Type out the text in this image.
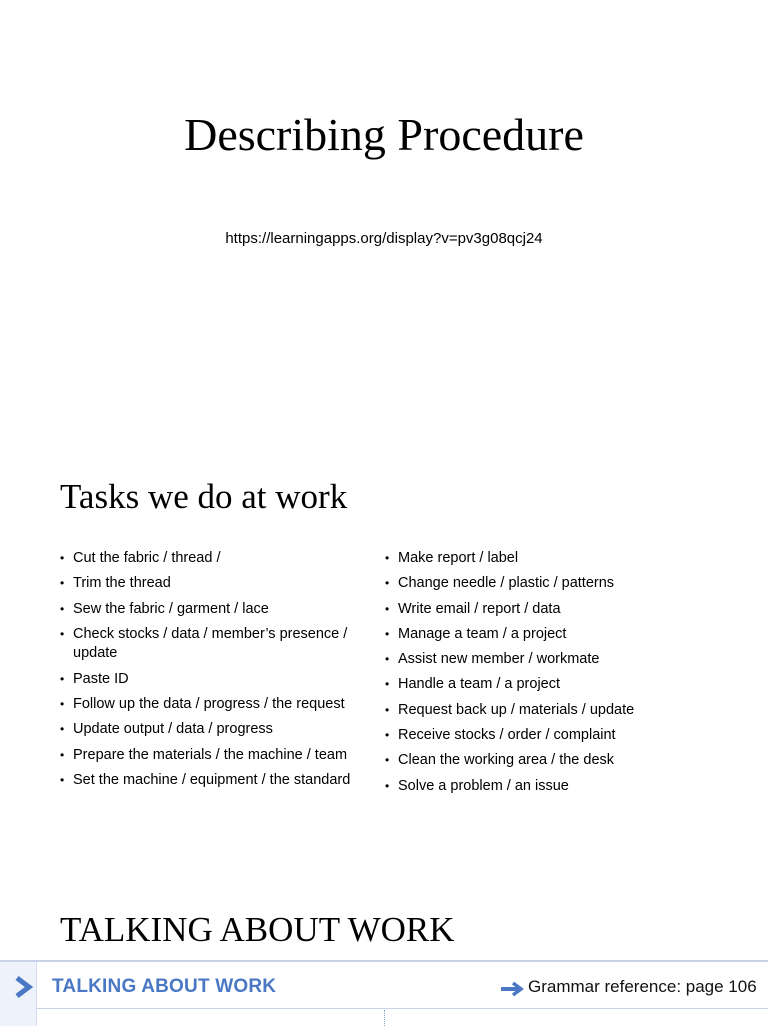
Describing Procedure
https://learningapps.org/display?v=pv3g08qcj24
Tasks we do at work
• Cut the fabric / thread /
• Trim the thread
• Sew the fabric / garment / lace
• Check stocks / data / member’s presence / update
• Paste ID
• Follow up the data / progress / the request
• Update output / data / progress
• Prepare the materials / the machine / team
• Set the machine / equipment / the standard
• Make report / label
• Change needle / plastic / patterns
• Write email / report / data
• Manage a team / a project
• Assist new member / workmate
• Handle a team / a project
• Request back up / materials / update
• Receive stocks / order / complaint
• Clean the working area / the desk
• Solve a problem / an issue
TALKING ABOUT WORK
TALKING ABOUT WORK	Grammar reference: page 106
